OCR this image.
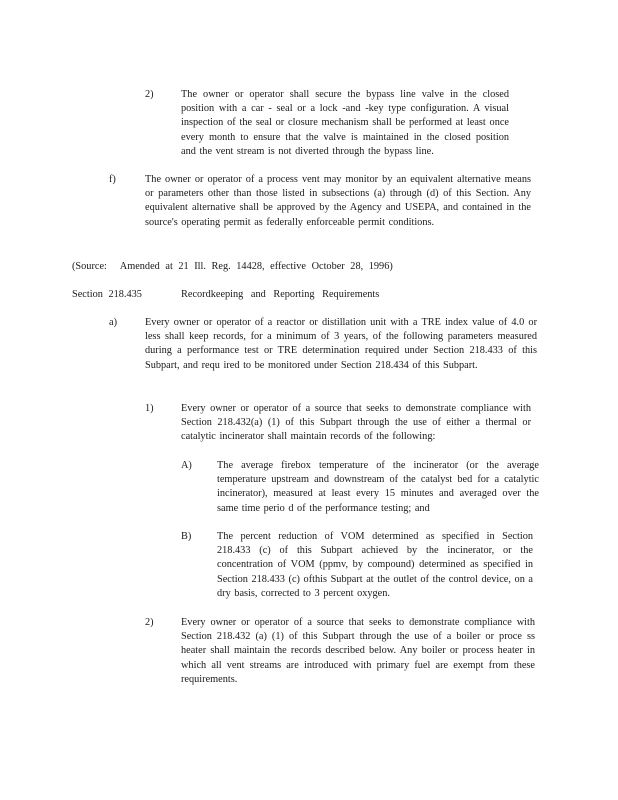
2)	The owner or operator shall secure the bypass line valve in the closed position with a car - seal or a lock -and -key type configuration. A visual inspection of the seal or closure mechanism shall be performed at least once every month to ensure that the valve is maintained in the closed position and the vent stream is not diverted through the bypass line.
f)	The owner or operator of a process vent may monitor by an equivalent alternative means or parameters other than those listed in subsections (a) through (d) of this Section. Any equivalent alternative shall be approved by the Agency and USEPA, and contained in the source's operating permit as federally enforceable permit conditions.
(Source: Amended at 21 Ill. Reg. 14428, effective October 28, 1996)
Section 218.435	Recordkeeping and Reporting Requirements
a)	Every owner or operator of a reactor or distillation unit with a TRE index value of 4.0 or less shall keep records, for a minimum of 3 years, of the following parameters measured during a performance test or TRE determination required under Section 218.433 of this Subpart, and requ ired to be monitored under Section 218.434 of this Subpart.
1)	Every owner or operator of a source that seeks to demonstrate compliance with Section 218.432(a) (1) of this Subpart through the use of either a thermal or catalytic incinerator shall maintain records of the following:
A) The average firebox temperature of the incinerator (or the average temperature upstream and downstream of the catalyst bed for a catalytic incinerator), measured at least every 15 minutes and averaged over the same time perio d of the performance testing; and
B) The percent reduction of VOM determined as specified in Section 218.433 (c) of this Subpart achieved by the incinerator, or the concentration of VOM (ppmv, by compound) determined as specified in Section 218.433 (c) ofthis Subpart at the outlet of the control device, on a dry basis, corrected to 3 percent oxygen.
2)	Every owner or operator of a source that seeks to demonstrate compliance with Section 218.432 (a) (1) of this Subpart through the use of a boiler or proce ss heater shall maintain the records described below. Any boiler or process heater in which all vent streams are introduced with primary fuel are exempt from these requirements.
